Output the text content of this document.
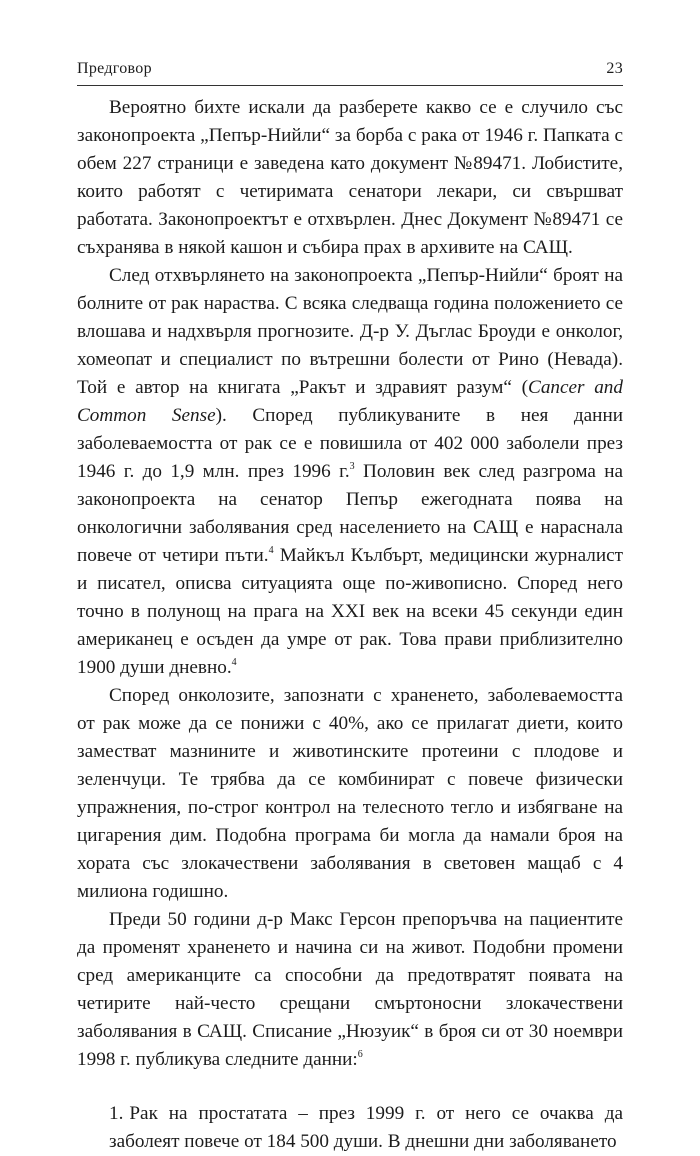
Предговор	23

Вероятно бихте искали да разберете какво се е случило със законопроекта „Пепър-Нийли“ за борба с рака от 1946 г. Папката с обем 227 страници е заведена като документ №89471. Лобистите, които работят с четиримата сенатори лекари, си свършват работата. Законопроектът е отхвърлен. Днес Документ №89471 се съхранява в някой кашон и събира прах в архивите на САЩ.

След отхвърлянето на законопроекта „Пепър-Нийли“ броят на болните от рак нараства. С всяка следваща година положението се влошава и надхвърля прогнозите. Д-р У. Дъглас Броуди е онколог, хомеопат и специалист по вътрешни болести от Рино (Невада). Той е автор на книгата „Ракът и здравият разум“ (Cancer and Common Sense). Според публикуваните в нея данни заболеваемостта от рак се е повишила от 402 000 заболели през 1946 г. до 1,9 млн. през 1996 г.$^3$ Половин век след разгрома на законопроекта на сенатор Пепър ежегодната поява на онкологични заболявания сред населението на САЩ е нараснала повече от четири пъти.$^4$ Майкъл Кълбърт, медицински журналист и писател, описва ситуацията още по-живописно. Според него точно в полунощ на прага на XXI век на всеки 45 секунди един американец е осъден да умре от рак. Това прави приблизително 1900 души дневно.$^4$

Според онколозите, запознати с храненето, заболеваемостта от рак може да се понижи с 40%, ако се прилагат диети, които заместват мазнините и животинските протеини с плодове и зеленчуци. Те трябва да се комбинират с повече физически упражнения, по-строг контрол на телесното тегло и избягване на цигарения дим. Подобна програма би могла да намали броя на хората със злокачествени заболявания в световен мащаб с 4 милиона годишно.

Преди 50 години д-р Макс Герсон препоръчва на пациентите да променят храненето и начина си на живот. Подобни промени сред американците са способни да предотвратят появата на четирите най-често срещани смъртоносни злокачествени заболявания в САЩ. Списание „Нюзуик“ в броя си от 30 ноември 1998 г. публикува следните данни:$^6$

1. Рак на простатата – през 1999 г. от него се очаква да заболеят повече от 184 500 души. В днешни дни заболяването
